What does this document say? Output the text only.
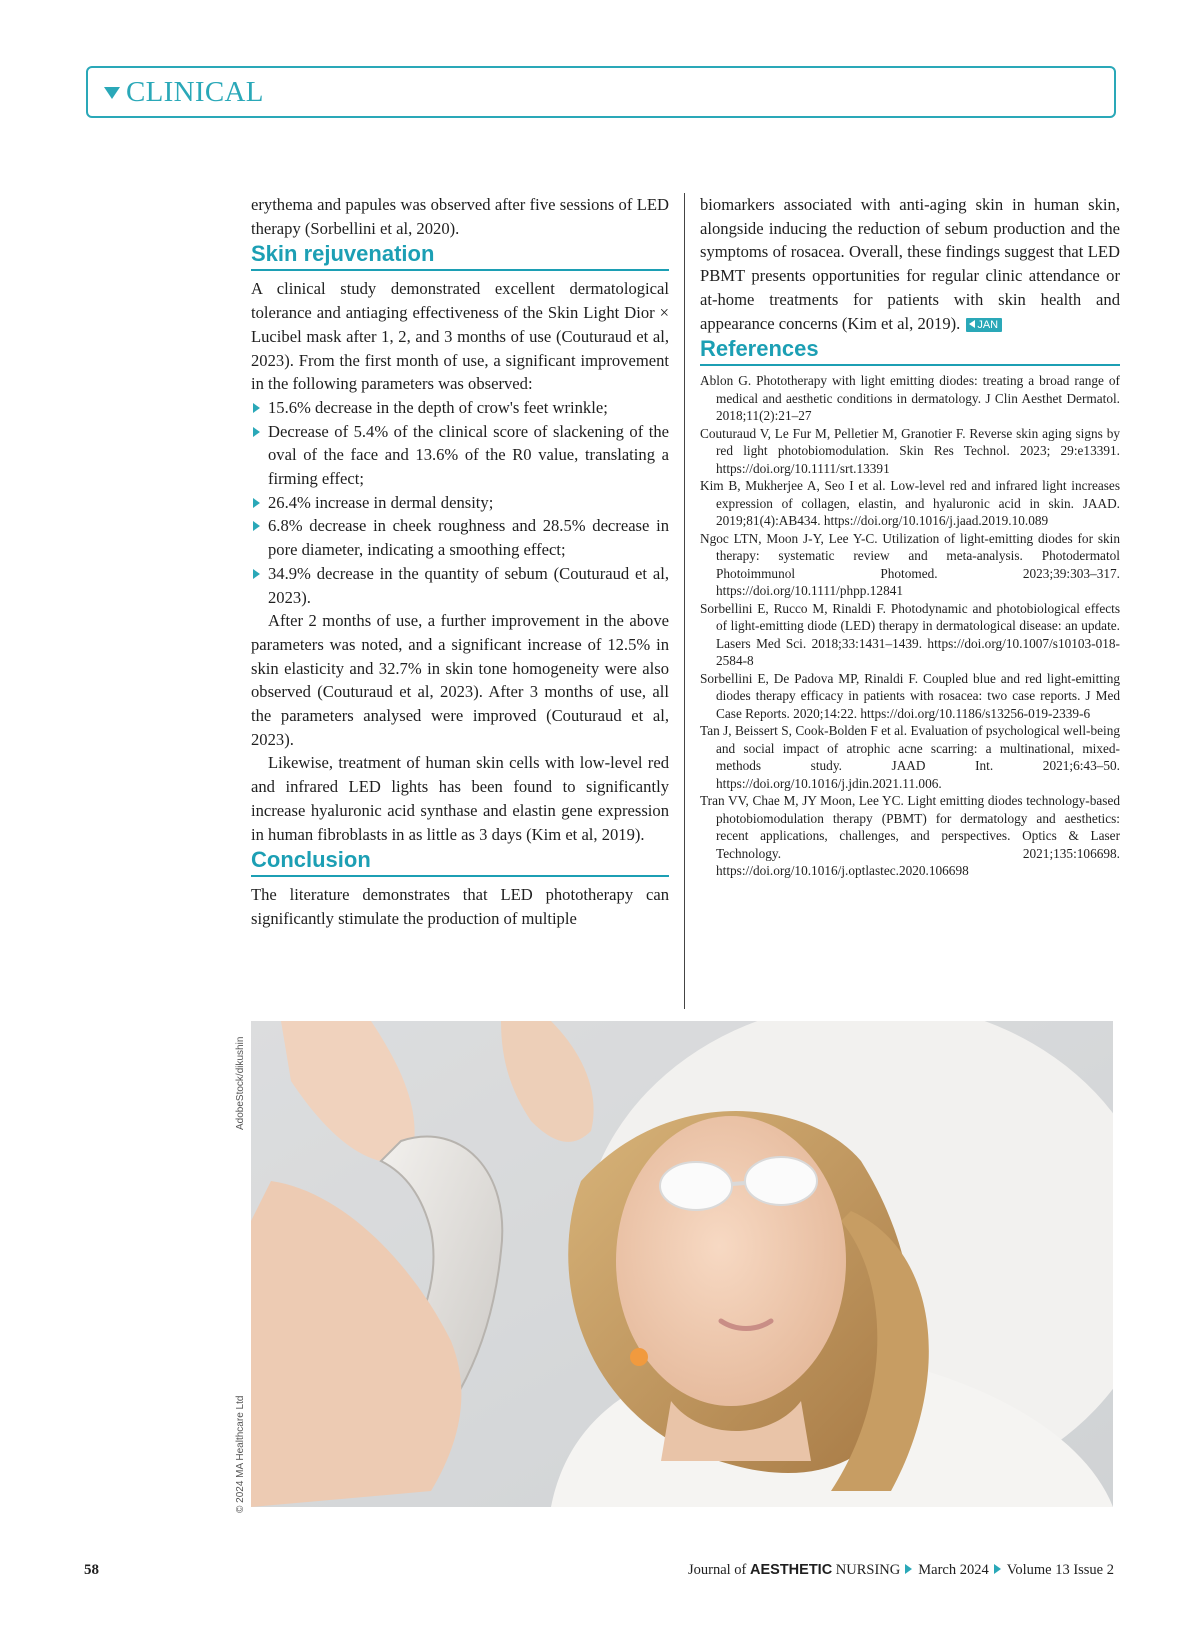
CLINICAL

erythema and papules was observed after five sessions of LED therapy (Sorbellini et al, 2020).

Skin rejuvenation

A clinical study demonstrated excellent dermatological tolerance and antiaging effectiveness of the Skin Light Dior × Lucibel mask after 1, 2, and 3 months of use (Couturaud et al, 2023). From the first month of use, a significant improvement in the following parameters was observed:

15.6% decrease in the depth of crow's feet wrinkle;
Decrease of 5.4% of the clinical score of slackening of the oval of the face and 13.6% of the R0 value, translating a firming effect;
26.4% increase in dermal density;
6.8% decrease in cheek roughness and 28.5% decrease in pore diameter, indicating a smoothing effect;
34.9% decrease in the quantity of sebum (Couturaud et al, 2023).

After 2 months of use, a further improvement in the above parameters was noted, and a significant increase of 12.5% in skin elasticity and 32.7% in skin tone homogeneity were also observed (Couturaud et al, 2023). After 3 months of use, all the parameters analysed were improved (Couturaud et al, 2023).

Likewise, treatment of human skin cells with low-level red and infrared LED lights has been found to significantly increase hyaluronic acid synthase and elastin gene expression in human fibroblasts in as little as 3 days (Kim et al, 2019).

Conclusion

The literature demonstrates that LED phototherapy can significantly stimulate the production of multiple

biomarkers associated with anti-aging skin in human skin, alongside inducing the reduction of sebum production and the symptoms of rosacea. Overall, these findings suggest that LED PBMT presents opportunities for regular clinic attendance or at-home treatments for patients with skin health and appearance concerns (Kim et al, 2019). JAN

References

Ablon G. Phototherapy with light emitting diodes: treating a broad range of medical and aesthetic conditions in dermatology. J Clin Aesthet Dermatol. 2018;11(2):21–27

Couturaud V, Le Fur M, Pelletier M, Granotier F. Reverse skin aging signs by red light photobiomodulation. Skin Res Technol. 2023; 29:e13391. https://doi.org/10.1111/srt.13391

Kim B, Mukherjee A, Seo I et al. Low-level red and infrared light increases expression of collagen, elastin, and hyaluronic acid in skin. JAAD. 2019;81(4):AB434. https://doi.org/10.1016/j.jaad.2019.10.089

Ngoc LTN, Moon J-Y, Lee Y-C. Utilization of light-emitting diodes for skin therapy: systematic review and meta-analysis. Photodermatol Photoimmunol Photomed. 2023;39:303–317. https://doi.org/10.1111/phpp.12841

Sorbellini E, Rucco M, Rinaldi F. Photodynamic and photobiological effects of light-emitting diode (LED) therapy in dermatological disease: an update. Lasers Med Sci. 2018;33:1431–1439. https://doi.org/10.1007/s10103-018-2584-8

Sorbellini E, De Padova MP, Rinaldi F. Coupled blue and red light-emitting diodes therapy efficacy in patients with rosacea: two case reports. J Med Case Reports. 2020;14:22. https://doi.org/10.1186/s13256-019-2339-6

Tan J, Beissert S, Cook-Bolden F et al. Evaluation of psychological well-being and social impact of atrophic acne scarring: a multinational, mixed-methods study. JAAD Int. 2021;6:43–50. https://doi.org/10.1016/j.jdin.2021.11.006.

Tran VV, Chae M, JY Moon, Lee YC. Light emitting diodes technology-based photobiomodulation therapy (PBMT) for dermatology and aesthetics: recent applications, challenges, and perspectives. Optics & Laser Technology. 2021;135:106698. https://doi.org/10.1016/j.optlastec.2020.106698

AdobeStock/dikushin
© 2024 MA Healthcare Ltd
58	Journal of AESTHETIC NURSING March 2024 Volume 13 Issue 2
